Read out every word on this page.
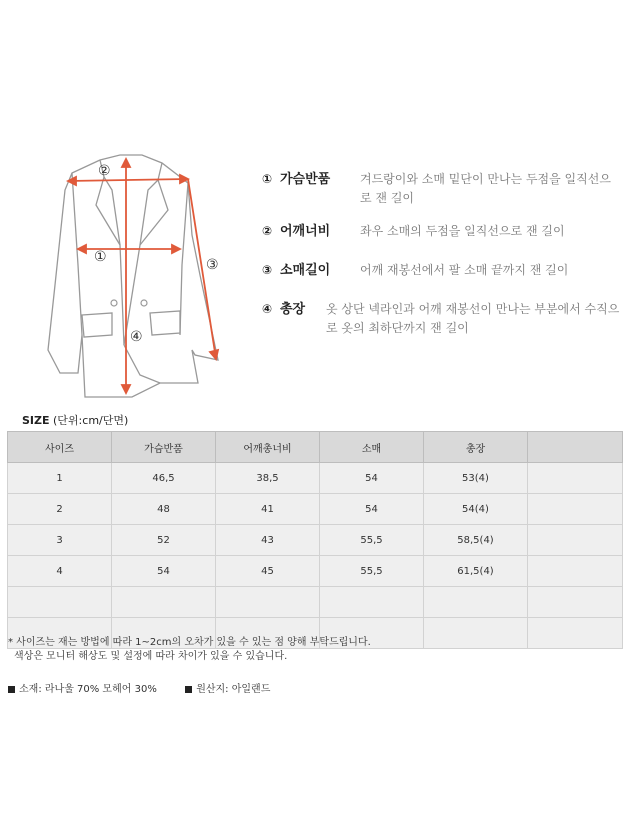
②
①	③
④
① 가슴반품	겨드랑이와 소매 밑단이 만나는 두점을 일직선으로 잰 길이
② 어깨너비	좌우 소매의 두점을 일직선으로 잰 길이
③ 소매길이	어깨 재봉선에서 팔 소매 끝까지 잰 길이
④ 총장	옷 상단 넥라인과 어깨 재봉선이 만나는 부분에서 수직으로 옷의 최하단까지 잰 길이
SIZE (단위:cm/단면)
사이즈	가슴반품	어깨총너비	소매	총장	
1	46,5	38,5	54	53(4)	
2	48	41	54	54(4)	
3	52	43	55,5	58,5(4)	
4	54	45	55,5	61,5(4)	

* 사이즈는 재는 방법에 따라 1~2cm의 오차가 있을 수 있는 점 양해 부탁드립니다.
색상은 모니터 해상도 및 설정에 따라 차이가 있을 수 있습니다.
소재: 라나울 70% 모헤어 30%	원산지: 아일랜드
